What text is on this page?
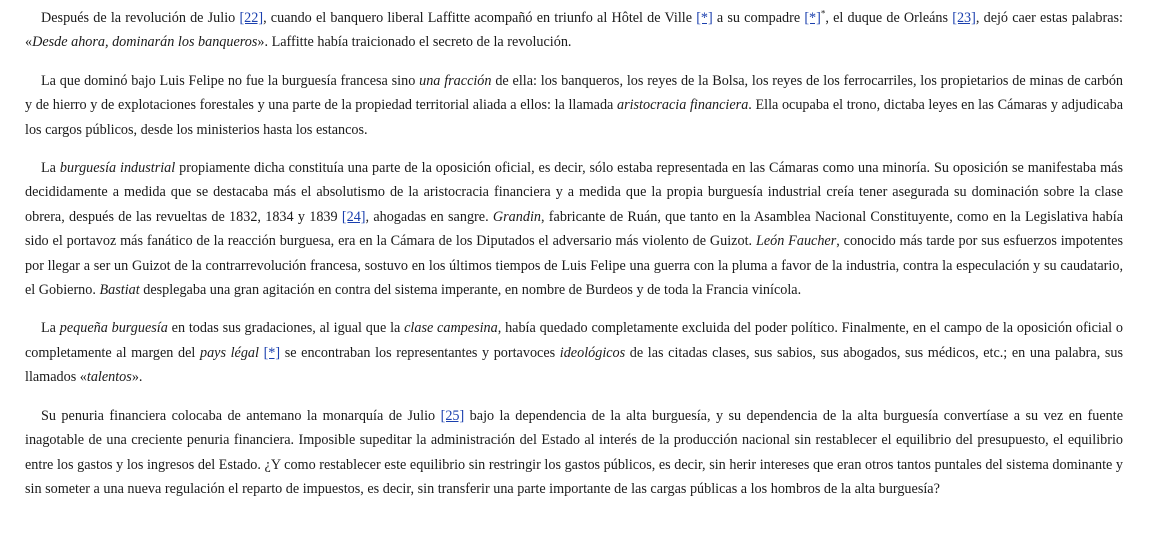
Después de la revolución de Julio [22], cuando el banquero liberal Laffitte acompañó en triunfo al Hôtel de Ville [*] a su compadre [*]*, el duque de Orleáns [23], dejó caer estas palabras: «Desde ahora, dominarán los banqueros». Laffitte había traicionado el secreto de la revolución.

La que dominó bajo Luis Felipe no fue la burguesía francesa sino una fracción de ella: los banqueros, los reyes de la Bolsa, los reyes de los ferrocarriles, los propietarios de minas de carbón y de hierro y de explotaciones forestales y una parte de la propiedad territorial aliada a ellos: la llamada aristocracia financiera. Ella ocupaba el trono, dictaba leyes en las Cámaras y adjudicaba los cargos públicos, desde los ministerios hasta los estancos.

La burguesía industrial propiamente dicha constituía una parte de la oposición oficial, es decir, sólo estaba representada en las Cámaras como una minoría. Su oposición se manifestaba más decididamente a medida que se destacaba más el absolutismo de la aristocracia financiera y a medida que la propia burguesía industrial creía tener asegurada su dominación sobre la clase obrera, después de las revueltas de 1832, 1834 y 1839 [24], ahogadas en sangre. Grandin, fabricante de Ruán, que tanto en la Asamblea Nacional Constituyente, como en la Legislativa había sido el portavoz más fanático de la reacción burguesa, era en la Cámara de los Diputados el adversario más violento de Guizot. León Faucher, conocido más tarde por sus esfuerzos impotentes por llegar a ser un Guizot de la contrarrevolución francesa, sostuvo en los últimos tiempos de Luis Felipe una guerra con la pluma a favor de la industria, contra la especulación y su caudatario, el Gobierno. Bastiat desplegaba una gran agitación en contra del sistema imperante, en nombre de Burdeos y de toda la Francia vinícola.

La pequeña burguesía en todas sus gradaciones, al igual que la clase campesina, había quedado completamente excluida del poder político. Finalmente, en el campo de la oposición oficial o completamente al margen del pays légal [*] se encontraban los representantes y portavoces ideológicos de las citadas clases, sus sabios, sus abogados, sus médicos, etc.; en una palabra, sus llamados «talentos».

Su penuria financiera colocaba de antemano la monarquía de Julio [25] bajo la dependencia de la alta burguesía, y su dependencia de la alta burguesía convertíase a su vez en fuente inagotable de una creciente penuria financiera. Imposible supeditar la administración del Estado al interés de la producción nacional sin restablecer el equilibrio del presupuesto, el equilibrio entre los gastos y los ingresos del Estado. ¿Y como restablecer este equilibrio sin restringir los gastos públicos, es decir, sin herir intereses que eran otros tantos puntales del sistema dominante y sin someter a una nueva regulación el reparto de impuestos, es decir, sin transferir una parte importante de las cargas públicas a los hombros de la alta burguesía?
